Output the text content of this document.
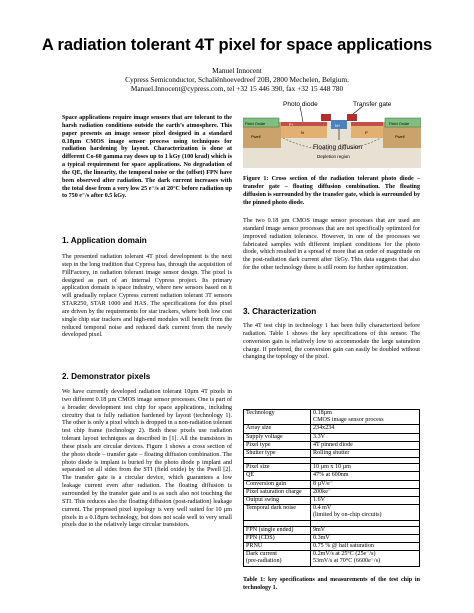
A radiation tolerant 4T pixel for space applications
Manuel Innocent
Cypress Semiconductor, Schaliënhoevedreef 20B, 2800 Mechelen, Belgium.
Manuel.Innocent@cypress.com, tel +32 15 446 390, fax +32 15 448 780
Space applications require image sensors that are tolerant to the harsh radiation conditions outside the earth’s atmosphere. This paper presents an image sensor pixel designed in a standard 0.18µm CMOS image sensor process using techniques for radiation hardening by layout. Characterization is done at different Co-60 gamma ray doses up to 1 kGy (100 krad) which is a typical requirement for space applications. No degradation of the QE, the linearity, the temporal noise or the (offset) FPN have been observed after radiation. The dark current increases with the total dose from a very low 25 e⁻/s at 20°C before radiation up to 750 e⁻/s after 0.5 kGy.
1. Application domain
The presented radiation tolerant 4T pixel development is the next step in the long tradition that Cypress has, through the acquisition of FillFactory, in radiation tolerant image sensor design. The pixel is designed as part of an internal Cypress project. Its primary application domain is space industry, where new sensors based on it will gradually replace Cypress current radiation tolerant 3T sensors STAR250, STAR 1000 and HAS. The specifications for this pixel are driven by the requirements for star trackers, where both low cost single chip star trackers and high-end modules will benefit from the reduced temporal noise and reduced dark current from the newly developed pixel.
2. Demonstrator pixels
We have currently developed radiation tolerant 10µm 4T pixels in two different 0.18 µm CMOS image sensor processes. One is part of a broader development test chip for space applications, including circuitry that is fully radiation hardened by layout (technology 1). The other is only a pixel which is dropped in a non-radiation tolerant test chip frame (technology 2). Both these pixels use radiation tolerant layout techniques as described in [1]. All the transistors in these pixels are circular devices. Figure 1 shows a cross section of the photo diode – transfer gate – floating diffusion combination. The photo diode is implant is buried by the photo diode p implant and separated on all sides from the STI (field oxide) by the Pwell [2]. The transfer gate is a circular device, which guarantees a low leakage current even after radiation. The floating diffusion is surrounded by the transfer gate and is as such also not touching the STI. This reduces also the floating diffusion (post-radiation) leakage current. The proposed pixel topology is very well suited for 10 µm pixels in a 0.18µm technology, but does not scale well to very small pixels due to the relatively large circular transistors.
Photo diode	Transfer gate
Field Oxide	Field Oxide
Pwell	Pwell
P+
N
N+
P
Floating diffusion
Depletion region
Figure 1: Cross section of the radiation tolerant photo diode – transfer gate – floating diffusion combination. The floating diffusion is surrounded by the transfer gate, which is surrounded by the pinned photo diode.
The two 0.18 µm CMOS image sensor processes that are used are standard image sensor processes that are not specifically optimized for improved radiation tolerance. However, in one of the processes we fabricated samples with different implant conditions for the photo diode, which resulted in a spread of more that an order of magnitude on the post-radiation dark current after 1kGy. This data suggests that also for the other technology there is still room for further optimization.
3. Characterization
The 4T test chip in technology 1 has been fully characterized before radiation. Table 1 shows the key specifications of this sensor. The conversion gain is relatively low to accommodate the large saturation charge. If preferred, the conversion gain can easily be doubled without changing the topology of the pixel.
Technology	0.18µm
CMOS image sensor process
Array size	234x234
Supply voltage	3.3V
Pixel type	4T pinned diode
Shutter type	Rolling shutter

Pixel size	10 µm x 10 µm
QE	47% at 600nm
Conversion gain	8 µV/e⁻
Pixel saturation charge	200ke⁻
Output swing	1.6V
Temporal dark noise	0.4 mV
(limited by on-chip circuits)

FPN (single ended)	9mV
FPN (CDS)	0.3mV
PRNU	0.75 % @ half saturation
Dark current
(pre-radiation)	0.2mV/s at 25°C (25e⁻/s)
53mV/s at 70°C (6600e⁻/s)
Table 1: key specifications and measurements of the test chip in technology 1.
